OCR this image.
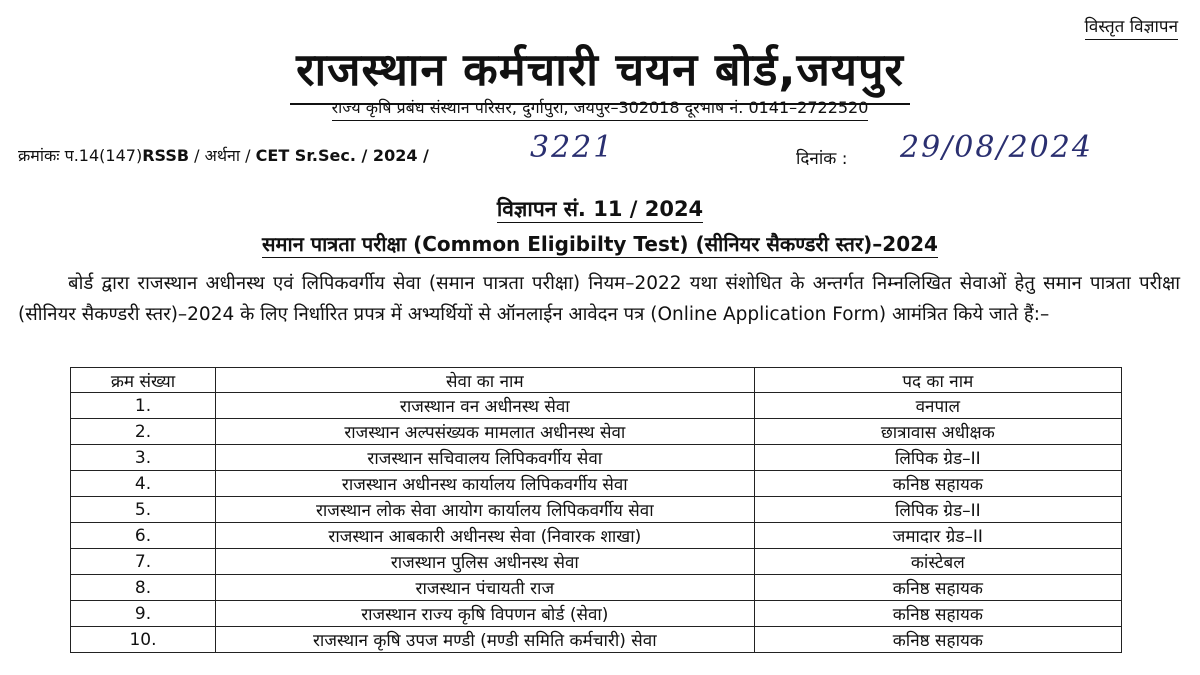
विस्तृत विज्ञापन
राजस्थान कर्मचारी चयन बोर्ड,जयपुर
राज्य कृषि प्रबंध संस्थान परिसर, दुर्गापुरा, जयपुर–302018 दूरभाष नं. 0141–2722520
क्रमांकः प.14(147)RSSB / अर्थना / CET Sr.Sec. / 2024 /	3221	दिनांक : 29/08/2024
विज्ञापन सं. 11 / 2024
समान पात्रता परीक्षा (Common Eligibilty Test) (सीनियर सैकण्डरी स्तर)–2024
बोर्ड द्वारा राजस्थान अधीनस्थ एवं लिपिकवर्गीय सेवा (समान पात्रता परीक्षा) नियम–2022 यथा संशोधित के अन्तर्गत निम्नलिखित सेवाओं हेतु समान पात्रता परीक्षा (सीनियर सैकण्डरी स्तर)–2024 के लिए निर्धारित प्रपत्र में अभ्यर्थियों से ऑनलाईन आवेदन पत्र (Online Application Form) आमंत्रित किये जाते हैं:–
क्रम संख्या	सेवा का नाम	पद का नाम
1.	राजस्थान वन अधीनस्थ सेवा	वनपाल
2.	राजस्थान अल्पसंख्यक मामलात अधीनस्थ सेवा	छात्रावास अधीक्षक
3.	राजस्थान सचिवालय लिपिकवर्गीय सेवा	लिपिक ग्रेड–II
4.	राजस्थान अधीनस्थ कार्यालय लिपिकवर्गीय सेवा	कनिष्ठ सहायक
5.	राजस्थान लोक सेवा आयोग कार्यालय लिपिकवर्गीय सेवा	लिपिक ग्रेड–II
6.	राजस्थान आबकारी अधीनस्थ सेवा (निवारक शाखा)	जमादार ग्रेड–II
7.	राजस्थान पुलिस अधीनस्थ सेवा	कांस्टेबल
8.	राजस्थान पंचायती राज	कनिष्ठ सहायक
9.	राजस्थान राज्य कृषि विपणन बोर्ड (सेवा)	कनिष्ठ सहायक
10.	राजस्थान कृषि उपज मण्डी (मण्डी समिति कर्मचारी) सेवा	कनिष्ठ सहायक
